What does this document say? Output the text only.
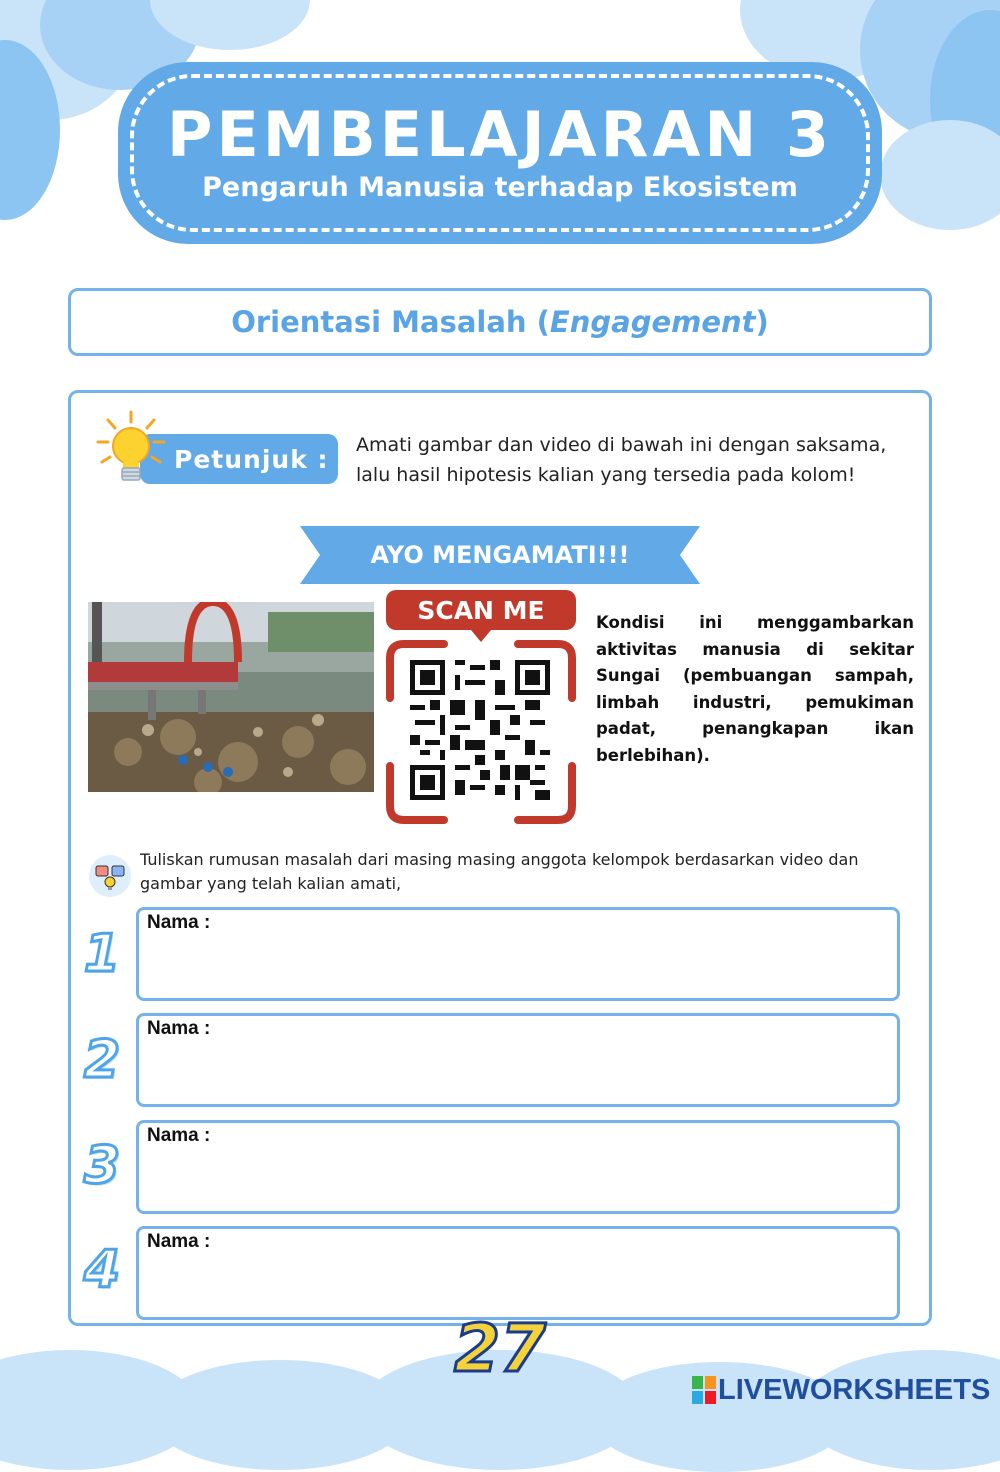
PEMBELAJARAN 3
Pengaruh Manusia terhadap Ekosistem
Orientasi Masalah ( Engagement )
Petunjuk :	Amati gambar dan video di bawah ini dengan saksama, lalu hasil hipotesis kalian yang tersedia pada kolom!
AYO MENGAMATI!!!
SCAN ME	Kondisi ini menggambarkan aktivitas manusia di sekitar Sungai (pembuangan sampah, limbah industri, pemukiman padat, penangkapan ikan berlebihan).
Tuliskan rumusan masalah dari masing masing anggota kelompok berdasarkan video dan gambar yang telah kalian amati,
1
Nama :
2
Nama :
3
Nama :
4 Nama :
27
LIVEWORKSHEETS
